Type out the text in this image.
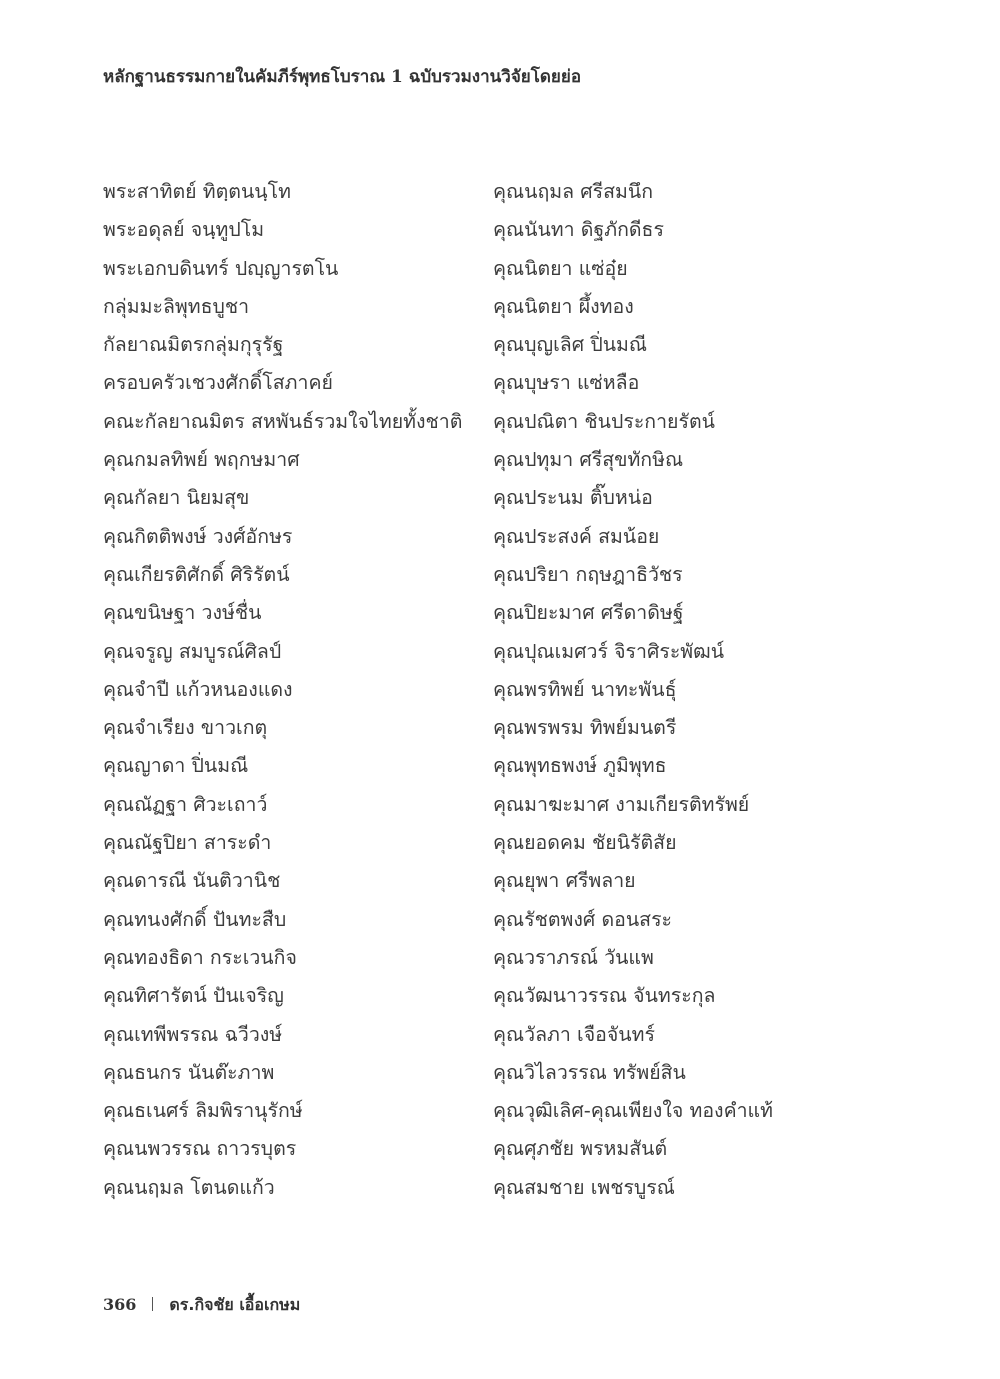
หลักฐานธรรมกายในคัมภีร์พุทธโบราณ 1 ฉบับรวมงานวิจัยโดยย่อ
พระสาทิตย์ ทิตฺตนนฺโท
พระอดุลย์ จนฺทูปโม
พระเอกบดินทร์ ปญฺญารตโน
กลุ่มมะลิพุทธบูชา
กัลยาณมิตรกลุ่มกุรุรัฐ
ครอบครัวเชวงศักดิ์โสภาคย์
คณะกัลยาณมิตร สหพันธ์รวมใจไทยทั้งชาติ
คุณกมลทิพย์ พฤกษมาศ
คุณกัลยา นิยมสุข
คุณกิตติพงษ์ วงศ์อักษร
คุณเกียรติศักดิ์ ศิริรัตน์
คุณขนิษฐา วงษ์ชื่น
คุณจรูญ สมบูรณ์ศิลป์
คุณจำปี แก้วหนองแดง
คุณจำเรียง ขาวเกตุ
คุณญาดา ปิ่นมณี
คุณณัฏฐา ศิวะเถาว์
คุณณัฐปิยา สาระดำ
คุณดารณี นันติวานิช
คุณทนงศักดิ์ ปันทะสืบ
คุณทองธิดา กระเวนกิจ
คุณทิศารัตน์ ปันเจริญ
คุณเทพีพรรณ ฉวีวงษ์
คุณธนกร นันต๊ะภาพ
คุณธเนศร์ ลิมพิรานุรักษ์
คุณนพวรรณ ถาวรบุตร
คุณนฤมล โตนดแก้ว
คุณนฤมล ศรีสมนึก
คุณนันทา ดิฐภักดีธร
คุณนิตยา แซ่อุ๋ย
คุณนิตยา ผึ้งทอง
คุณบุญเลิศ ปิ่นมณี
คุณบุษรา แซ่หลือ
คุณปณิตา ชินประกายรัตน์
คุณปทุมา ศรีสุขทักษิณ
คุณประนม ติ๊บหน่อ
คุณประสงค์ สมน้อย
คุณปริยา กฤษฎาธิวัชร
คุณปิยะมาศ ศรีดาดิษฐ์
คุณปุณเมศวร์ จิราศิระพัฒน์
คุณพรทิพย์ นาทะพันธุ์
คุณพรพรม ทิพย์มนตรี
คุณพุทธพงษ์ ภูมิพุทธ
คุณมาฆะมาศ งามเกียรติทรัพย์
คุณยอดคม ชัยนิรัติสัย
คุณยุพา ศรีพลาย
คุณรัชตพงศ์ ดอนสระ
คุณวราภรณ์ วันแพ
คุณวัฒนาวรรณ จันทระกุล
คุณวัลภา เจือจันทร์
คุณวิไลวรรณ ทรัพย์สิน
คุณวุฒิเลิศ-คุณเพียงใจ ทองคำแท้
คุณศุภชัย พรหมสันต์
คุณสมชาย เพชรบูรณ์
366 ดร.กิจชัย เอื้อเกษม
